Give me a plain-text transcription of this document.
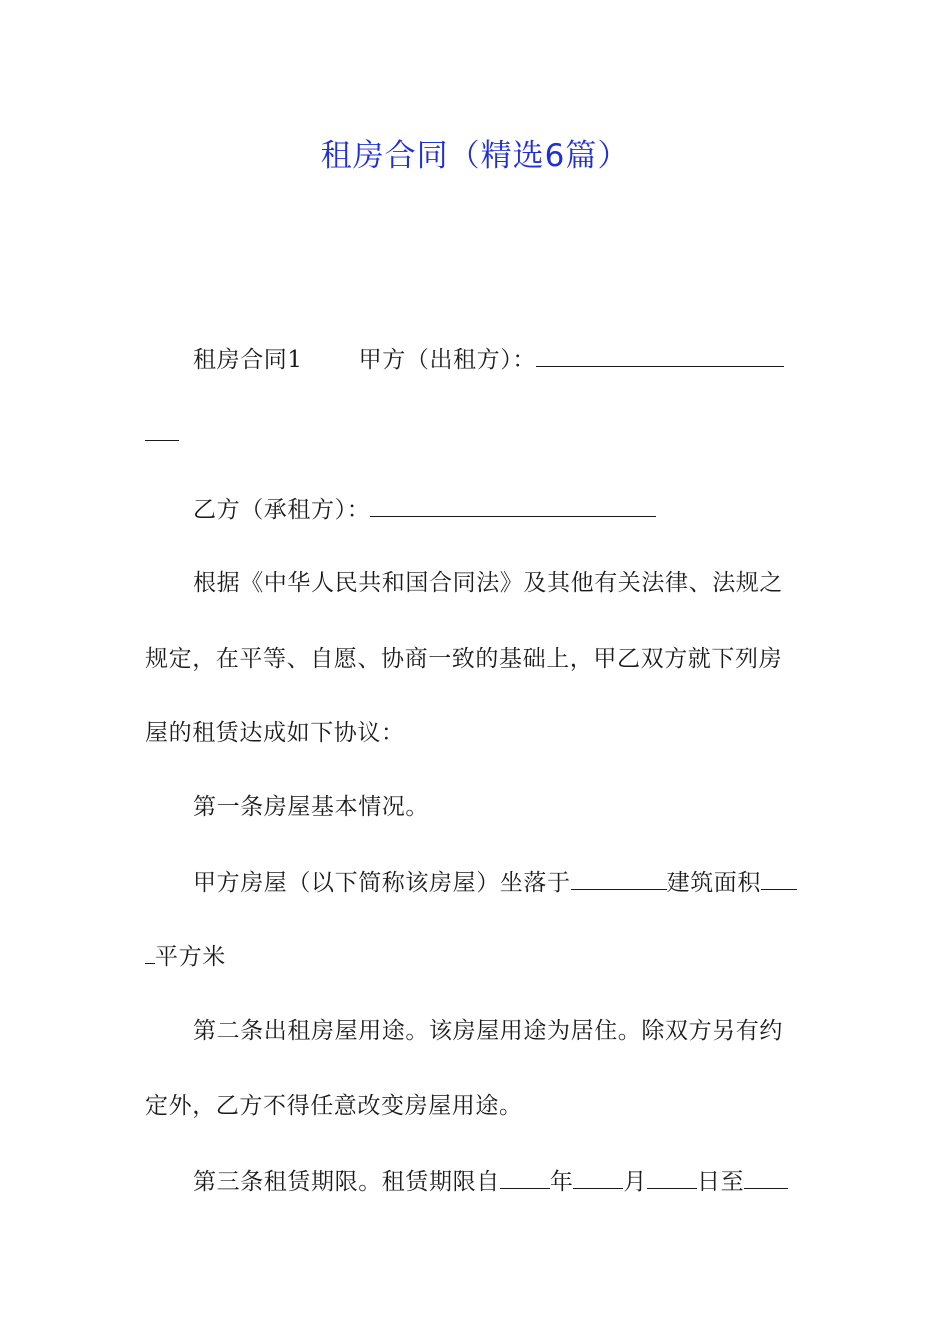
租房合同（精选6篇）
租房合同1 甲方（出租方）：
乙方（承租方）：
根据《中华人民共和国合同法》及其他有关法律、法规之
规定，在平等、自愿、协商一致的基础上，甲乙双方就下列房
屋的租赁达成如下协议：
第一条房屋基本情况。
甲方房屋（以下简称该房屋）坐落于	建筑面积
平方米
第二条出租房屋用途。该房屋用途为居住。除双方另有约
定外，乙方不得任意改变房屋用途。
第三条租赁期限。租赁期限自 年 月 日至
